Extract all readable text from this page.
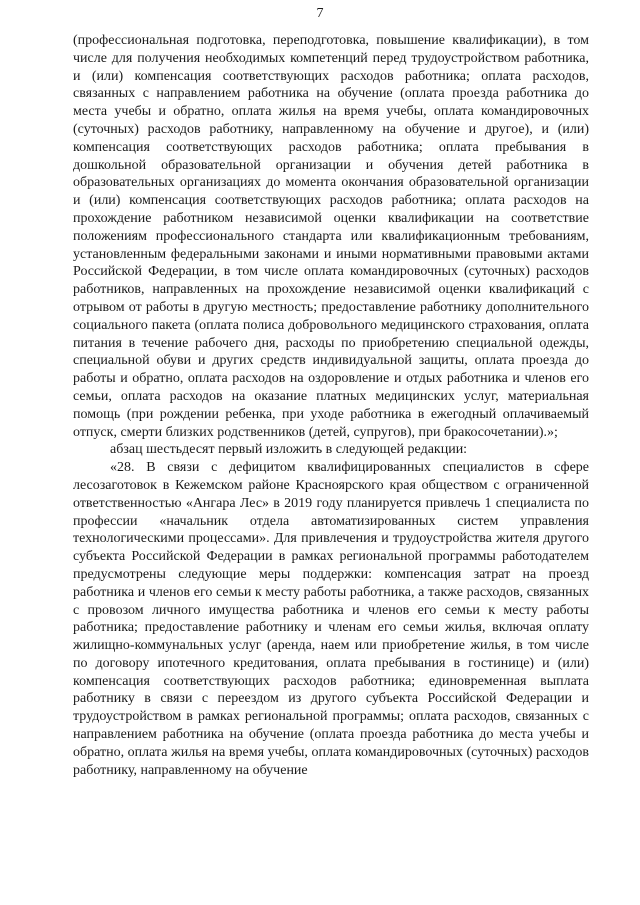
7

(профессиональная подготовка, переподготовка, повышение квалификации), в том числе для получения необходимых компетенций перед трудоустройством работника, и (или) компенсация соответствующих расходов работника; оплата расходов, связанных с направлением работника на обучение (оплата проезда работника до места учебы и обратно, оплата жилья на время учебы, оплата командировочных (суточных) расходов работнику, направленному на обучение и другое), и (или) компенсация соответствующих расходов работника; оплата пребывания в дошкольной образовательной организации и обучения детей работника в образовательных организациях до момента окончания образовательной организации и (или) компенсация соответствующих расходов работника; оплата расходов на прохождение работником независимой оценки квалификации на соответствие положениям профессионального стандарта или квалификационным требованиям, установленным федеральными законами и иными нормативными правовыми актами Российской Федерации, в том числе оплата командировочных (суточных) расходов работников, направленных на прохождение независимой оценки квалификаций с отрывом от работы в другую местность; предоставление работнику дополнительного социального пакета (оплата полиса добровольного медицинского страхования, оплата питания в течение рабочего дня, расходы по приобретению специальной одежды, специальной обуви и других средств индивидуальной защиты, оплата проезда до работы и обратно, оплата расходов на оздоровление и отдых работника и членов его семьи, оплата расходов на оказание платных медицинских услуг, материальная помощь (при рождении ребенка, при уходе работника в ежегодный оплачиваемый отпуск, смерти близких родственников (детей, супругов), при бракосочетании).»;

абзац шестьдесят первый изложить в следующей редакции:

«28. В связи с дефицитом квалифицированных специалистов в сфере лесозаготовок в Кежемском районе Красноярского края обществом с ограниченной ответственностью «Ангара Лес» в 2019 году планируется привлечь 1 специалиста по профессии «начальник отдела автоматизированных систем управления технологическими процессами». Для привлечения и трудоустройства жителя другого субъекта Российской Федерации в рамках региональной программы работодателем предусмотрены следующие меры поддержки: компенсация затрат на проезд работника и членов его семьи к месту работы работника, а также расходов, связанных с провозом личного имущества работника и членов его семьи к месту работы работника; предоставление работнику и членам его семьи жилья, включая оплату жилищно-коммунальных услуг (аренда, наем или приобретение жилья, в том числе по договору ипотечного кредитования, оплата пребывания в гостинице) и (или) компенсация соответствующих расходов работника; единовременная выплата работнику в связи с переездом из другого субъекта Российской Федерации и трудоустройством в рамках региональной программы; оплата расходов, связанных с направлением работника на обучение (оплата проезда работника до места учебы и обратно, оплата жилья на время учебы, оплата командировочных (суточных) расходов работнику, направленному на обучение
